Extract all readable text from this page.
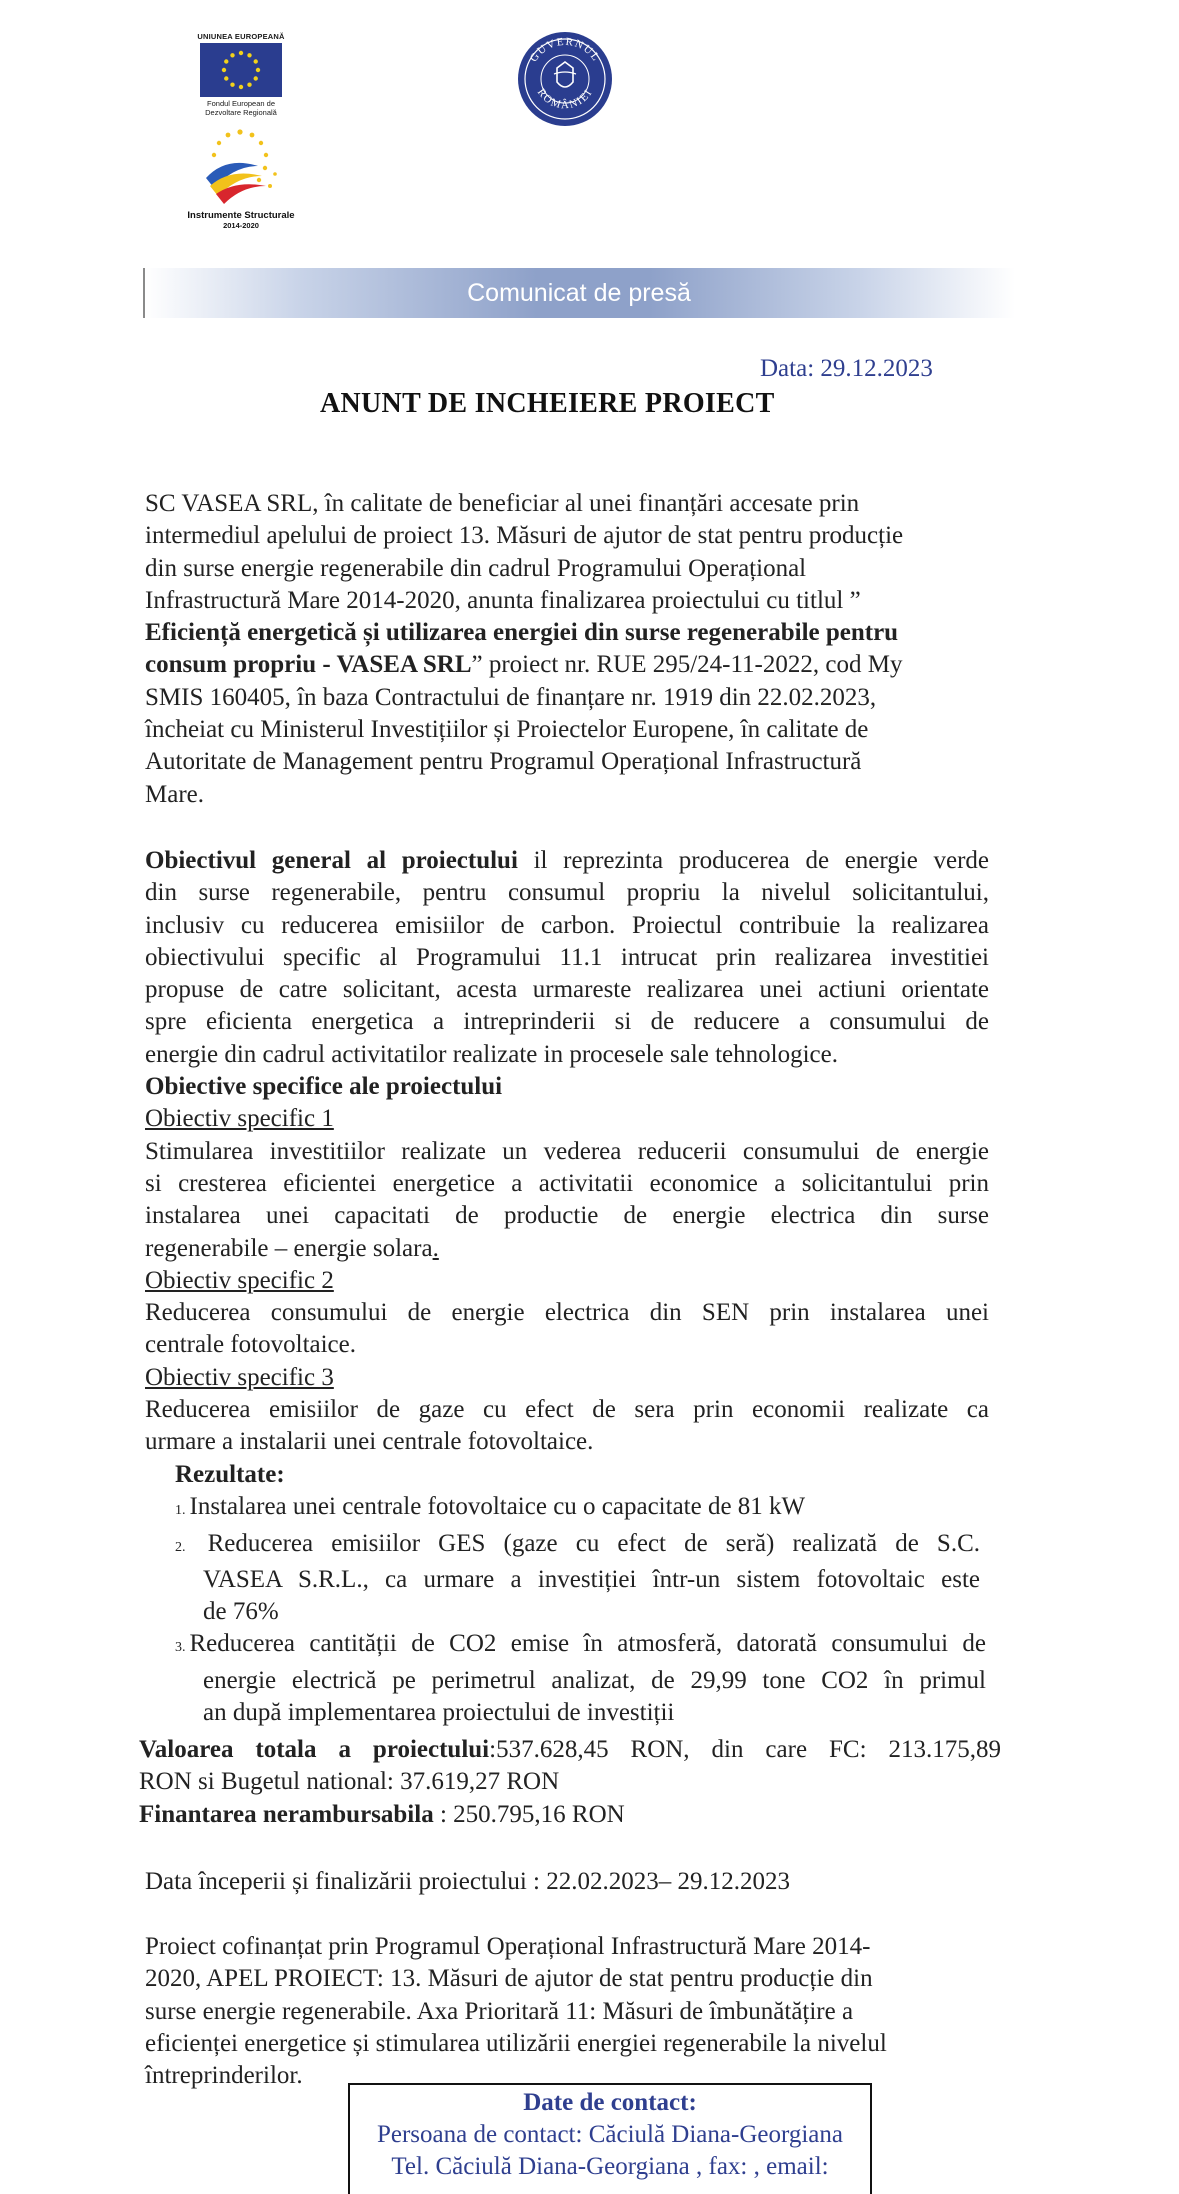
UNIUNEA EUROPEANĂ
Fondul European de
Dezvoltare Regională
Instrumente Structurale
2014-2020
GUVERNUL
ROMÂNIEI
Comunicat de presă
Data: 29.12.2023
ANUNT DE INCHEIERE PROIECT
SC VASEA SRL, în calitate de beneficiar al unei finanțări accesate prin
intermediul apelului de proiect 13. Măsuri de ajutor de stat pentru producție
din surse energie regenerabile din cadrul Programului Operațional
Infrastructură Mare 2014-2020, anunta finalizarea proiectului cu titlul ”
Eficiență energetică și utilizarea energiei din surse regenerabile pentru
consum propriu - VASEA SRL” proiect nr. RUE 295/24-11-2022, cod My
SMIS 160405, în baza Contractului de finanțare nr. 1919 din 22.02.2023,
încheiat cu Ministerul Investițiilor și Proiectelor Europene, în calitate de
Autoritate de Management pentru Programul Operațional Infrastructură
Mare.
Obiectivul general al proiectului il reprezinta producerea de energie verde
din surse regenerabile, pentru consumul propriu la nivelul solicitantului,
inclusiv cu reducerea emisiilor de carbon. Proiectul contribuie la realizarea
obiectivului specific al Programului 11.1 intrucat prin realizarea investitiei
propuse de catre solicitant, acesta urmareste realizarea unei actiuni orientate
spre eficienta energetica a intreprinderii si de reducere a consumului de
energie din cadrul activitatilor realizate in procesele sale tehnologice.
Obiective specifice ale proiectului
Obiectiv specific 1
Stimularea investitiilor realizate un vederea reducerii consumului de energie
si cresterea eficientei energetice a activitatii economice a solicitantului prin
instalarea unei capacitati de productie de energie electrica din surse
regenerabile – energie solara.
Obiectiv specific 2
Reducerea consumului de energie electrica din SEN prin instalarea unei
centrale fotovoltaice.
Obiectiv specific 3
Reducerea emisiilor de gaze cu efect de sera prin economii realizate ca
urmare a instalarii unei centrale fotovoltaice.
Rezultate:
1. Instalarea unei centrale fotovoltaice cu o capacitate de 81 kW
2. Reducerea emisiilor GES (gaze cu efect de seră) realizată de S.C.
VASEA S.R.L., ca urmare a investiției într-un sistem fotovoltaic este
de 76%
3. Reducerea cantității de CO2 emise în atmosferă, datorată consumului de
energie electrică pe perimetrul analizat, de 29,99 tone CO2 în primul
an după implementarea proiectului de investiții
Valoarea totala a proiectului:537.628,45 RON, din care FC: 213.175,89
RON si Bugetul national: 37.619,27 RON
Finantarea nerambursabila : 250.795,16 RON
Data începerii și finalizării proiectului : 22.02.2023– 29.12.2023
Proiect cofinanțat prin Programul Operațional Infrastructură Mare 2014-
2020, APEL PROIECT: 13. Măsuri de ajutor de stat pentru producție din
surse energie regenerabile. Axa Prioritară 11: Măsuri de îmbunătățire a
eficienței energetice și stimularea utilizării energiei regenerabile la nivelul
întreprinderilor.
Date de contact:
Persoana de contact: Căciulă Diana-Georgiana
Tel. Căciulă Diana-Georgiana , fax: , email:
